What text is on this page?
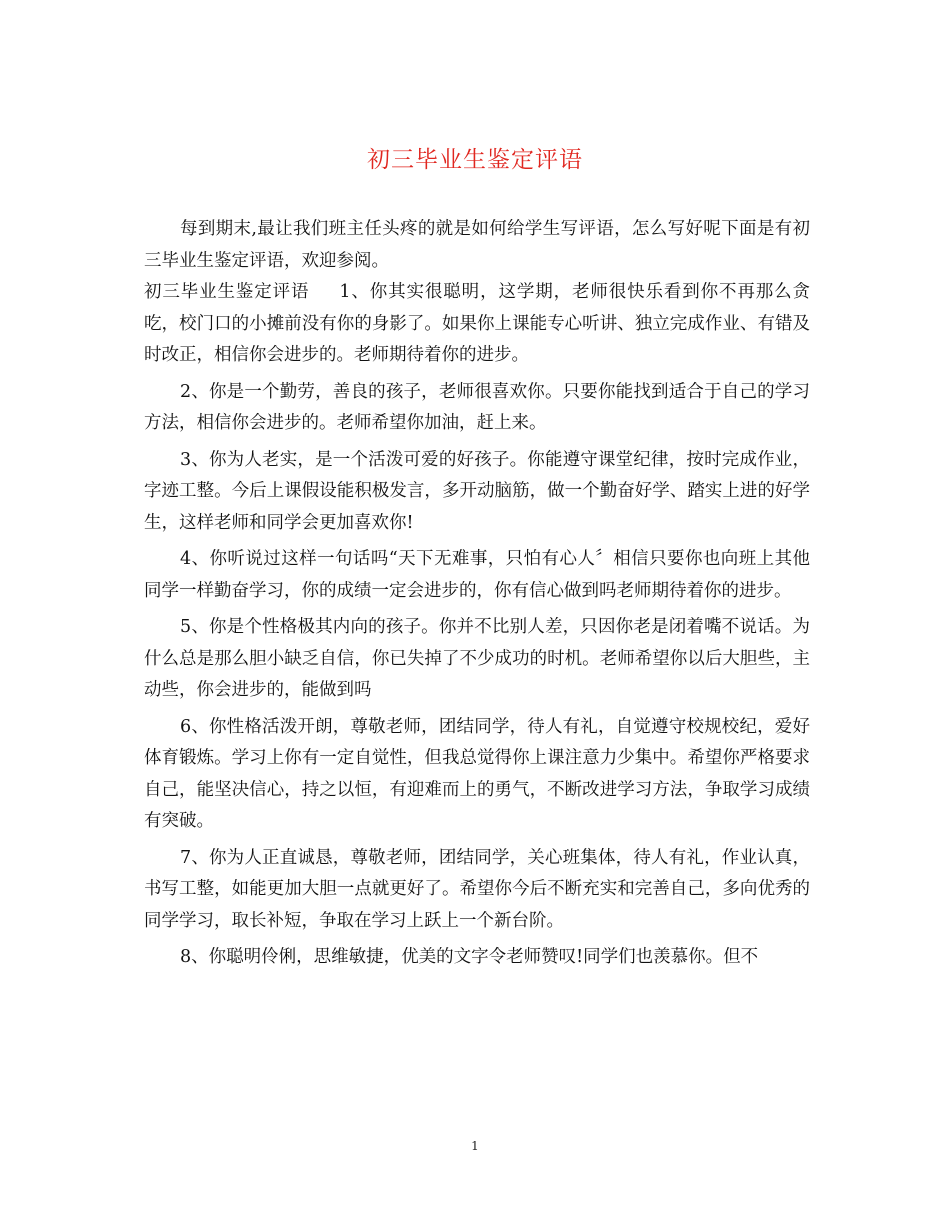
初三毕业生鉴定评语

每到期末,最让我们班主任头疼的就是如何给学生写评语，怎么写好呢下面是有初三毕业生鉴定评语，欢迎参阅。

初三毕业生鉴定评语 1、你其实很聪明，这学期，老师很快乐看到你不再那么贪吃，校门口的小摊前没有你的身影了。如果你上课能专心听讲、独立完成作业、有错及时改正，相信你会进步的。老师期待着你的进步。

2、你是一个勤劳，善良的孩子，老师很喜欢你。只要你能找到适合于自己的学习方法，相信你会进步的。老师希望你加油，赶上来。

3、你为人老实，是一个活泼可爱的好孩子。你能遵守课堂纪律，按时完成作业，字迹工整。今后上课假设能积极发言，多开动脑筋，做一个勤奋好学、踏实上进的好学生，这样老师和同学会更加喜欢你!

4、你听说过这样一句话吗“天下无难事，只怕有心人〞相信只要你也向班上其他同学一样勤奋学习，你的成绩一定会进步的，你有信心做到吗老师期待着你的进步。

5、你是个性格极其内向的孩子。你并不比别人差，只因你老是闭着嘴不说话。为什么总是那么胆小缺乏自信，你已失掉了不少成功的时机。老师希望你以后大胆些，主动些，你会进步的，能做到吗

6、你性格活泼开朗，尊敬老师，团结同学，待人有礼，自觉遵守校规校纪，爱好体育锻炼。学习上你有一定自觉性，但我总觉得你上课注意力少集中。希望你严格要求自己，能坚决信心，持之以恒，有迎难而上的勇气，不断改进学习方法，争取学习成绩有突破。

7、你为人正直诚恳，尊敬老师，团结同学，关心班集体，待人有礼，作业认真，书写工整，如能更加大胆一点就更好了。希望你今后不断充实和完善自己，多向优秀的同学学习，取长补短，争取在学习上跃上一个新台阶。

8、你聪明伶俐，思维敏捷，优美的文字令老师赞叹!同学们也羡慕你。但不

1
